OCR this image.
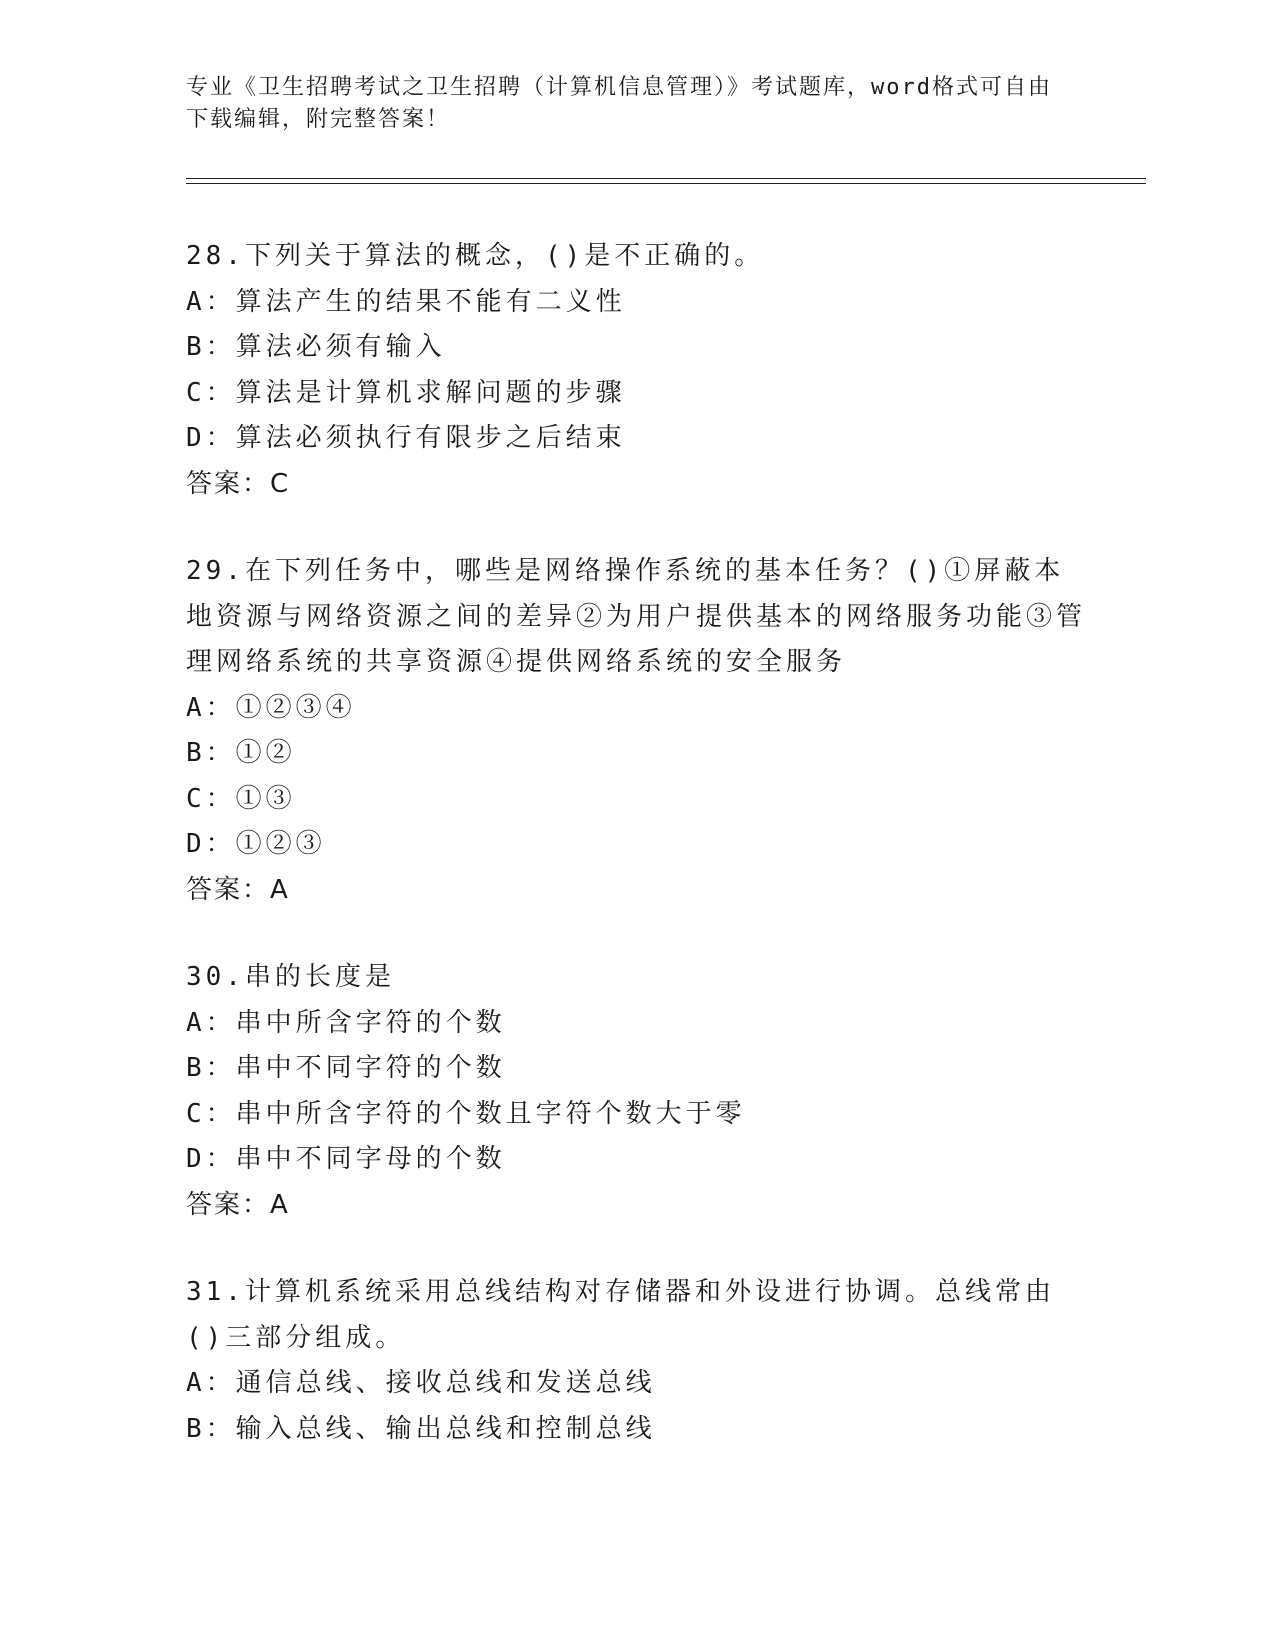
专业《卫生招聘考试之卫生招聘（计算机信息管理）》考试题库，word格式可自由下载编辑，附完整答案！

28.下列关于算法的概念，()是不正确的。

A：算法产生的结果不能有二义性

B：算法必须有输入

C：算法是计算机求解问题的步骤

D：算法必须执行有限步之后结束

答案：C

29.在下列任务中，哪些是网络操作系统的基本任务？()①屏蔽本地资源与网络资源之间的差异②为用户提供基本的网络服务功能③管理网络系统的共享资源④提供网络系统的安全服务

A：①②③④

B：①②

C：①③

D：①②③

答案：A

30.串的长度是

A：串中所含字符的个数

B：串中不同字符的个数

C：串中所含字符的个数且字符个数大于零

D：串中不同字母的个数

答案：A

31.计算机系统采用总线结构对存储器和外设进行协调。总线常由()三部分组成。

A：通信总线、接收总线和发送总线

B：输入总线、输出总线和控制总线
